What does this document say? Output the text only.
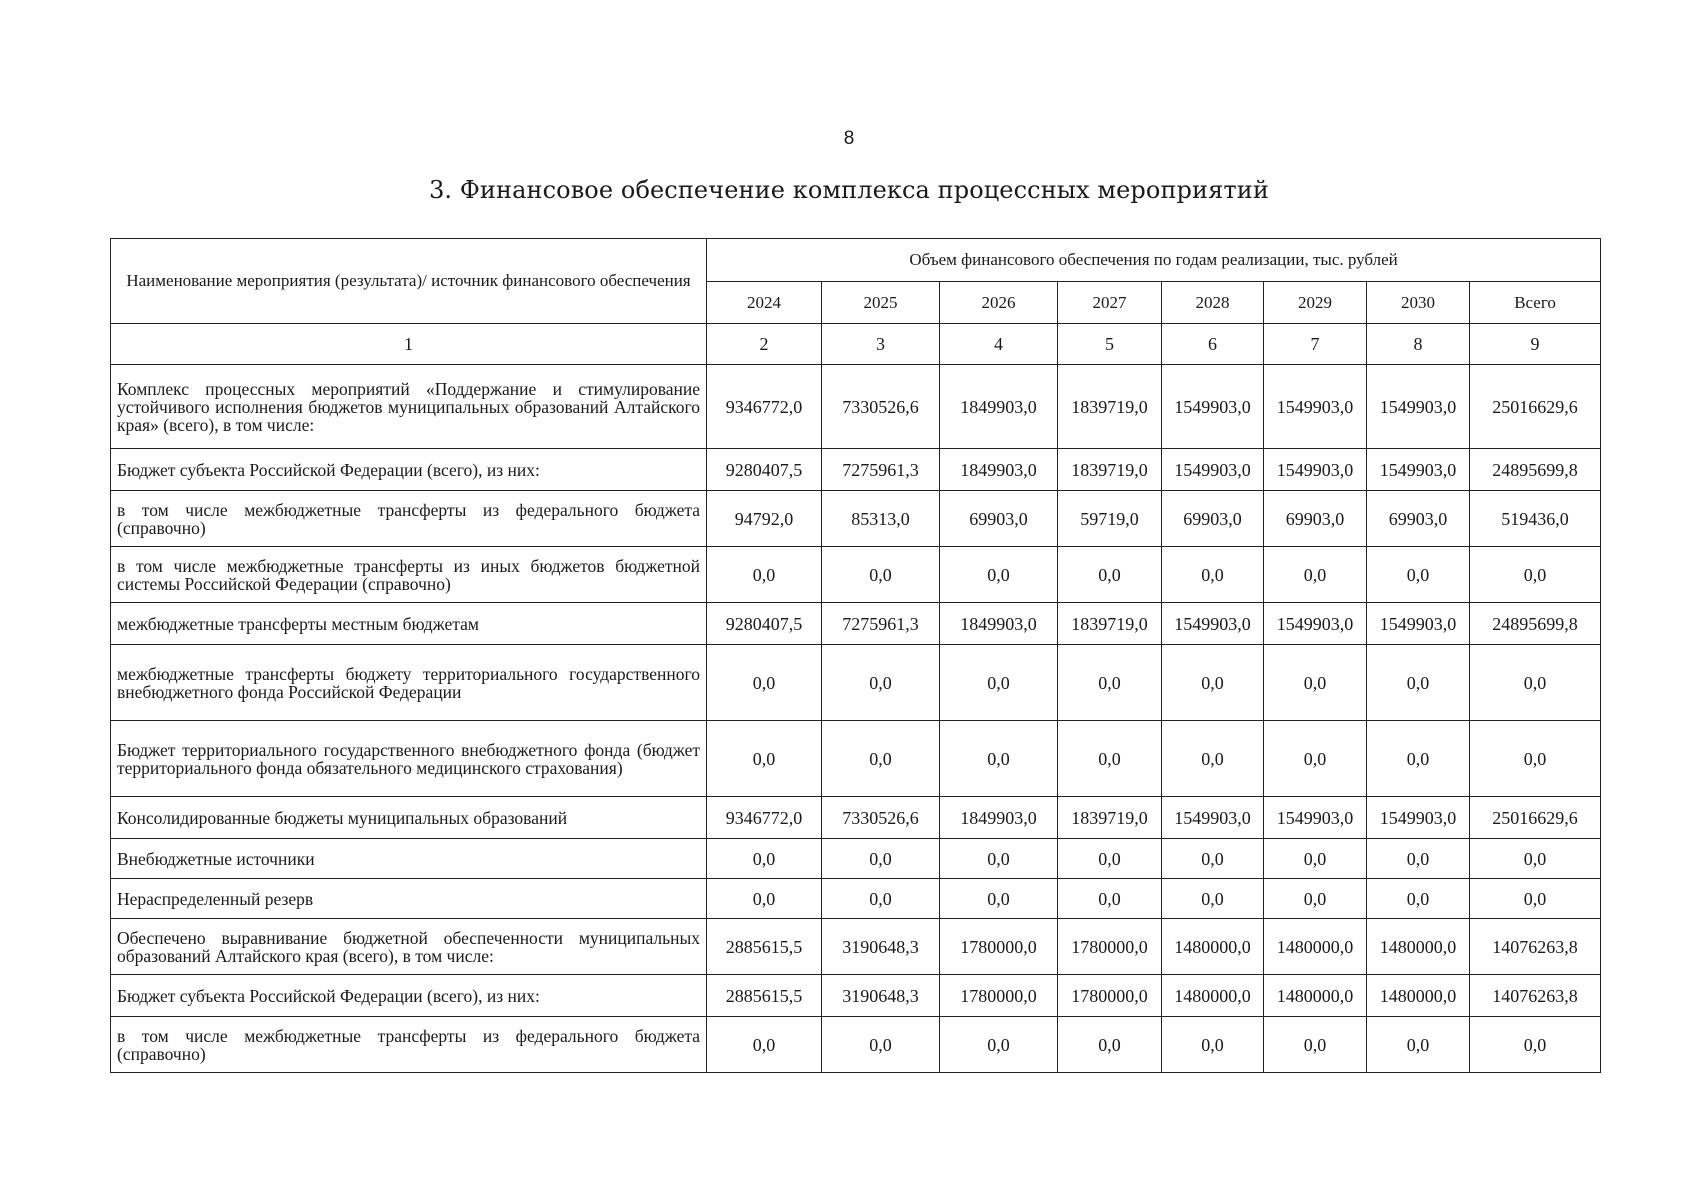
8
3. Финансовое обеспечение комплекса процессных мероприятий
Наименование мероприятия (результата)/ источник финансового обеспечения	Объем финансового обеспечения по годам реализации, тыс. рублей							
	2024	2025	2026	2027	2028	2029	2030	Всего
1	2	3	4	5	6	7	8	9
Комплекс процессных мероприятий «Поддержание и стимулирование устойчивого исполнения бюджетов муниципальных образований Алтайского края» (всего), в том числе:	9346772,0	7330526,6	1849903,0	1839719,0	1549903,0	1549903,0	1549903,0	25016629,6
Бюджет субъекта Российской Федерации (всего), из них:	9280407,5	7275961,3	1849903,0	1839719,0	1549903,0	1549903,0	1549903,0	24895699,8
в том числе межбюджетные трансферты из федерального бюджета (справочно)	94792,0	85313,0	69903,0	59719,0	69903,0	69903,0	69903,0	519436,0
в том числе межбюджетные трансферты из иных бюджетов бюджетной системы Российской Федерации (справочно)	0,0	0,0	0,0	0,0	0,0	0,0	0,0	0,0
межбюджетные трансферты местным бюджетам	9280407,5	7275961,3	1849903,0	1839719,0	1549903,0	1549903,0	1549903,0	24895699,8
межбюджетные трансферты бюджету территориального государственного внебюджетного фонда Российской Федерации	0,0	0,0	0,0	0,0	0,0	0,0	0,0	0,0
Бюджет территориального государственного внебюджетного фонда (бюджет территориального фонда обязательного медицинского страхования)	0,0	0,0	0,0	0,0	0,0	0,0	0,0	0,0
Консолидированные бюджеты муниципальных образований	9346772,0	7330526,6	1849903,0	1839719,0	1549903,0	1549903,0	1549903,0	25016629,6
Внебюджетные источники	0,0	0,0	0,0	0,0	0,0	0,0	0,0	0,0
Нераспределенный резерв	0,0	0,0	0,0	0,0	0,0	0,0	0,0	0,0
Обеспечено выравнивание бюджетной обеспеченности муниципальных образований Алтайского края (всего), в том числе:	2885615,5	3190648,3	1780000,0	1780000,0	1480000,0	1480000,0	1480000,0	14076263,8
Бюджет субъекта Российской Федерации (всего), из них:	2885615,5	3190648,3	1780000,0	1780000,0	1480000,0	1480000,0	1480000,0	14076263,8
в том числе межбюджетные трансферты из федерального бюджета (справочно)	0,0	0,0	0,0	0,0	0,0	0,0	0,0	0,0
